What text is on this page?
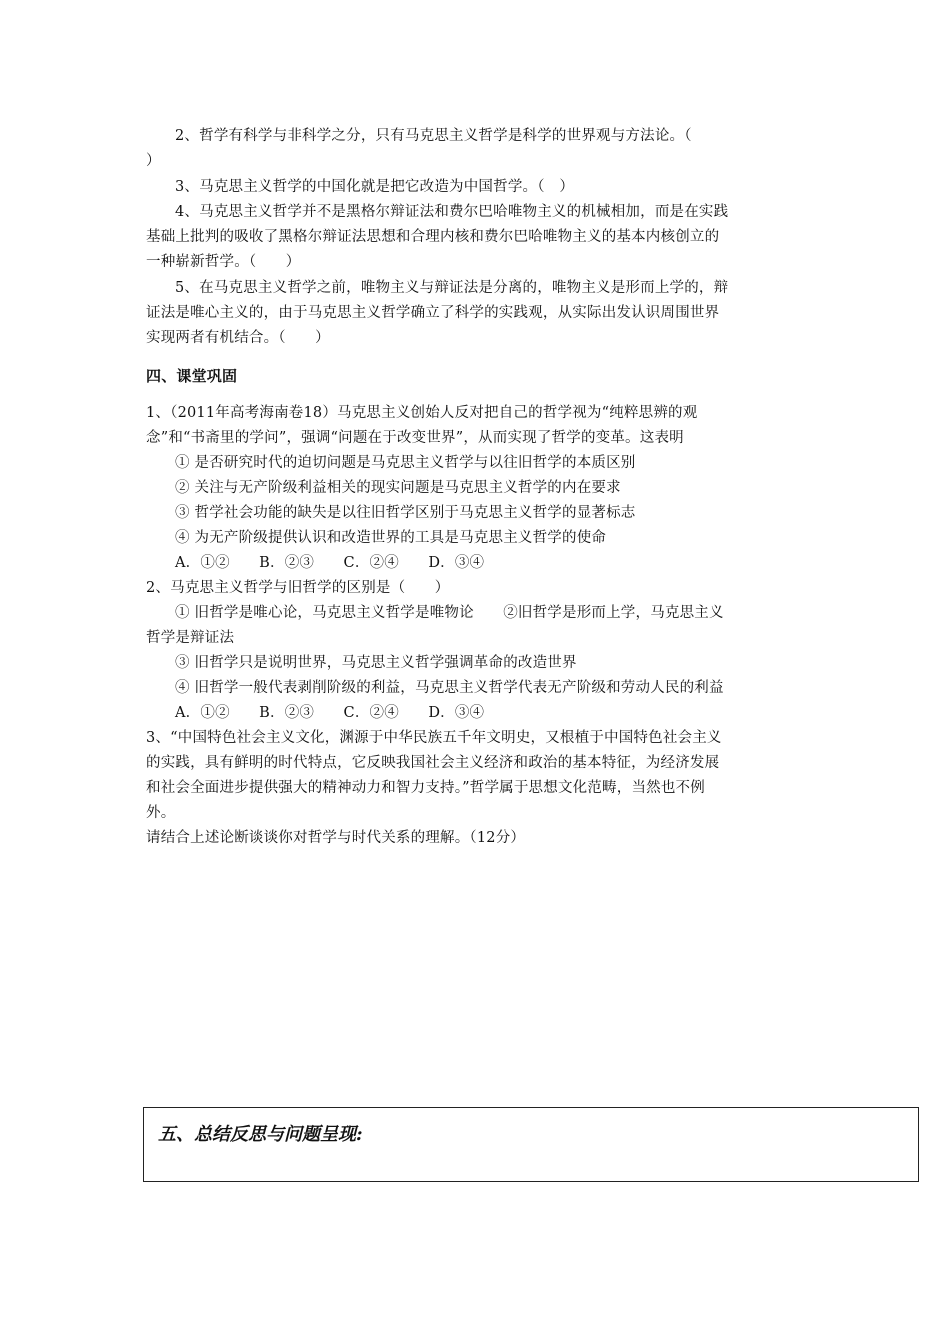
2、哲学有科学与非科学之分，只有马克思主义哲学是科学的世界观与方法论。（
）
3、马克思主义哲学的中国化就是把它改造为中国哲学。（　）
4、马克思主义哲学并不是黑格尔辩证法和费尔巴哈唯物主义的机械相加，而是在实践
基础上批判的吸收了黑格尔辩证法思想和合理内核和费尔巴哈唯物主义的基本内核创立的
一种崭新哲学。（　　）
5、在马克思主义哲学之前，唯物主义与辩证法是分离的，唯物主义是形而上学的，辩
证法是唯心主义的，由于马克思主义哲学确立了科学的实践观，从实际出发认识周围世界
实现两者有机结合。（　　）
四、课堂巩固
1、（2011年高考海南卷18）马克思主义创始人反对把自己的哲学视为“纯粹思辨的观
念”和“书斋里的学问”，强调“问题在于改变世界”，从而实现了哲学的变革。这表明
① 是否研究时代的迫切问题是马克思主义哲学与以往旧哲学的本质区别
② 关注与无产阶级利益相关的现实问题是马克思主义哲学的内在要求
③ 哲学社会功能的缺失是以往旧哲学区别于马克思主义哲学的显著标志
④ 为无产阶级提供认识和改造世界的工具是马克思主义哲学的使命
A．①②　　B．②③　　C．②④　　D．③④
2、马克思主义哲学与旧哲学的区别是（　　）
① 旧哲学是唯心论，马克思主义哲学是唯物论　　②旧哲学是形而上学，马克思主义
哲学是辩证法
③ 旧哲学只是说明世界，马克思主义哲学强调革命的改造世界
④ 旧哲学一般代表剥削阶级的利益，马克思主义哲学代表无产阶级和劳动人民的利益
A．①②　　B．②③　　C．②④　　D．③④
3、“中国特色社会主义文化，渊源于中华民族五千年文明史，又根植于中国特色社会主义
的实践，具有鲜明的时代特点，它反映我国社会主义经济和政治的基本特征，为经济发展
和社会全面进步提供强大的精神动力和智力支持。”哲学属于思想文化范畴，当然也不例
外。
请结合上述论断谈谈你对哲学与时代关系的理解。（12分）
五、总结反思与问题呈现:
